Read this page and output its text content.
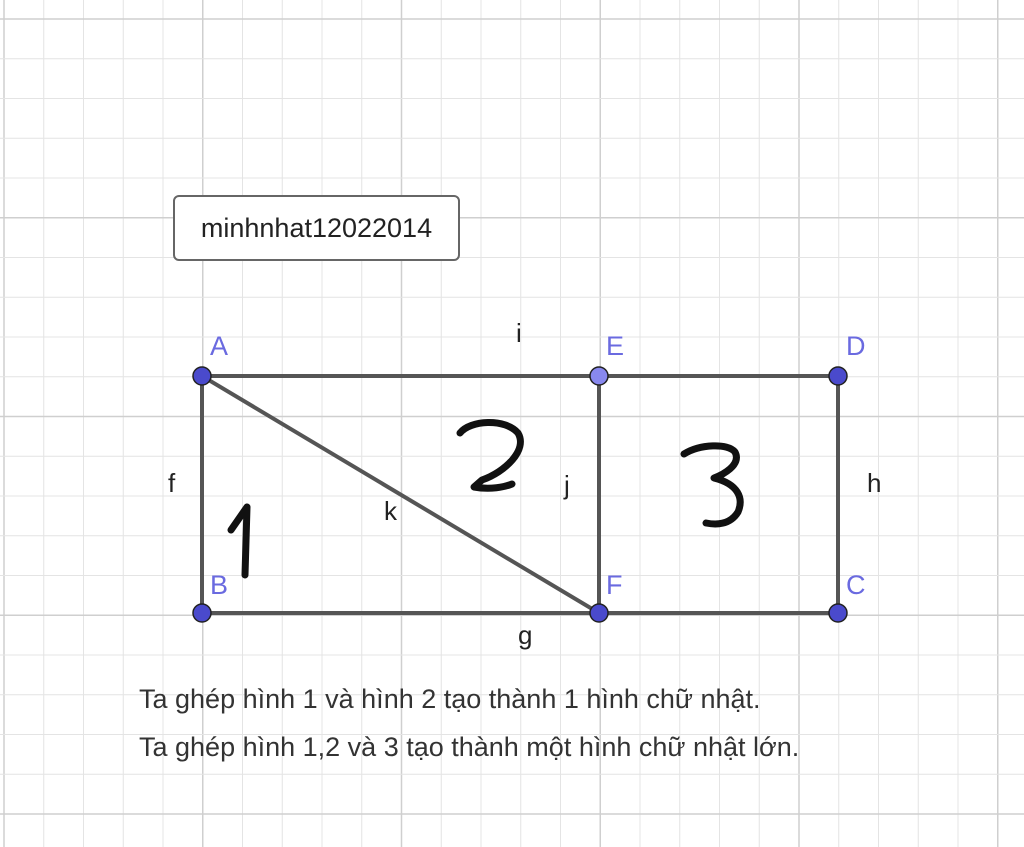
f
g
h
i
j
k
A
B	C
D
E
F
minhnhat12022014
Ta ghép hình 1 và hình 2 tạo thành 1 hình chữ nhật.
Ta ghép hình 1,2 và 3 tạo thành một hình chữ nhật lớn.
